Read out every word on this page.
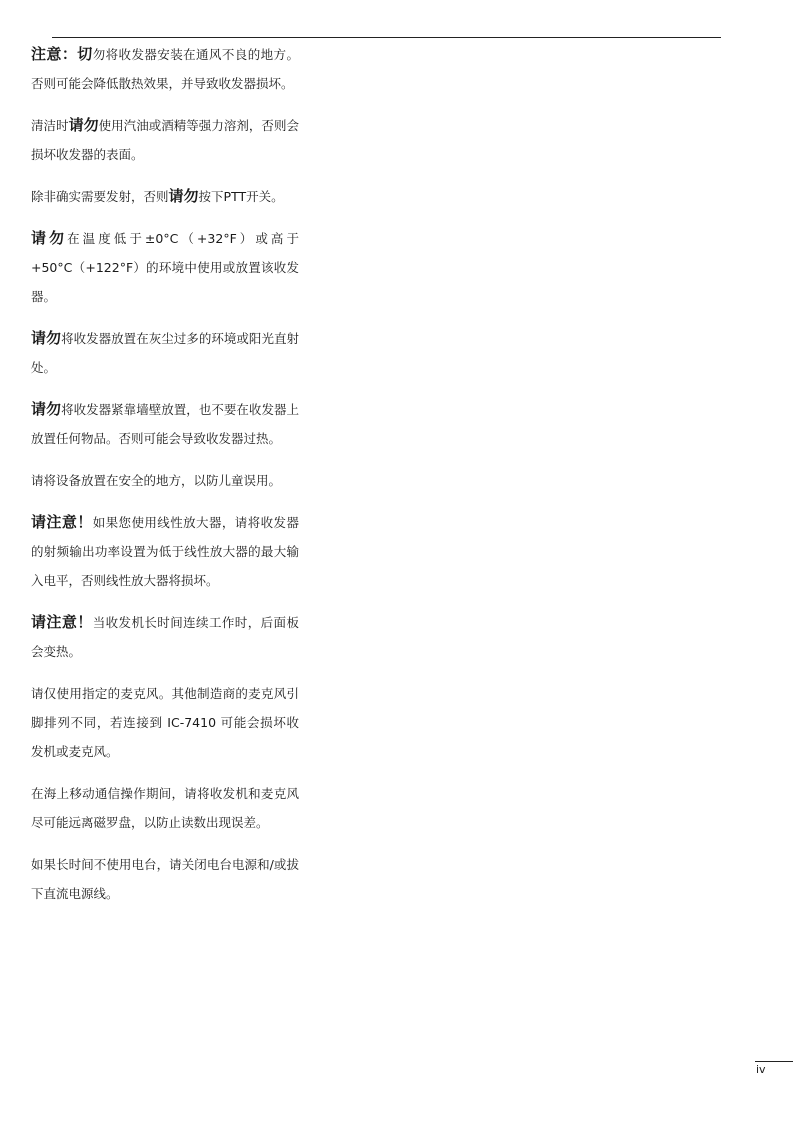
注意：切勿将收发器安装在通风不良的地方。否则可能会降低散热效果，并导致收发器损坏。

清洁时请勿使用汽油或酒精等强力溶剂，否则会损坏收发器的表面。

除非确实需要发射，否则请勿按下PTT开关。

请勿在温度低于±0°C（+32°F）或高于+50°C（+122°F）的环境中使用或放置该收发器。

请勿将收发器放置在灰尘过多的环境或阳光直射处。

请勿将收发器紧靠墙壁放置，也不要在收发器上放置任何物品。否则可能会导致收发器过热。

请将设备放置在安全的地方，以防儿童误用。

请注意！如果您使用线性放大器，请将收发器的射频输出功率设置为低于线性放大器的最大输入电平，否则线性放大器将损坏。

请注意！当收发机长时间连续工作时，后面板会变热。

请仅使用指定的麦克风。其他制造商的麦克风引脚排列不同，若连接到 IC-7410 可能会损坏收发机或麦克风。

在海上移动通信操作期间，请将收发机和麦克风尽可能远离磁罗盘，以防止读数出现误差。

如果长时间不使用电台，请关闭电台电源和/或拔下直流电源线。

iv
